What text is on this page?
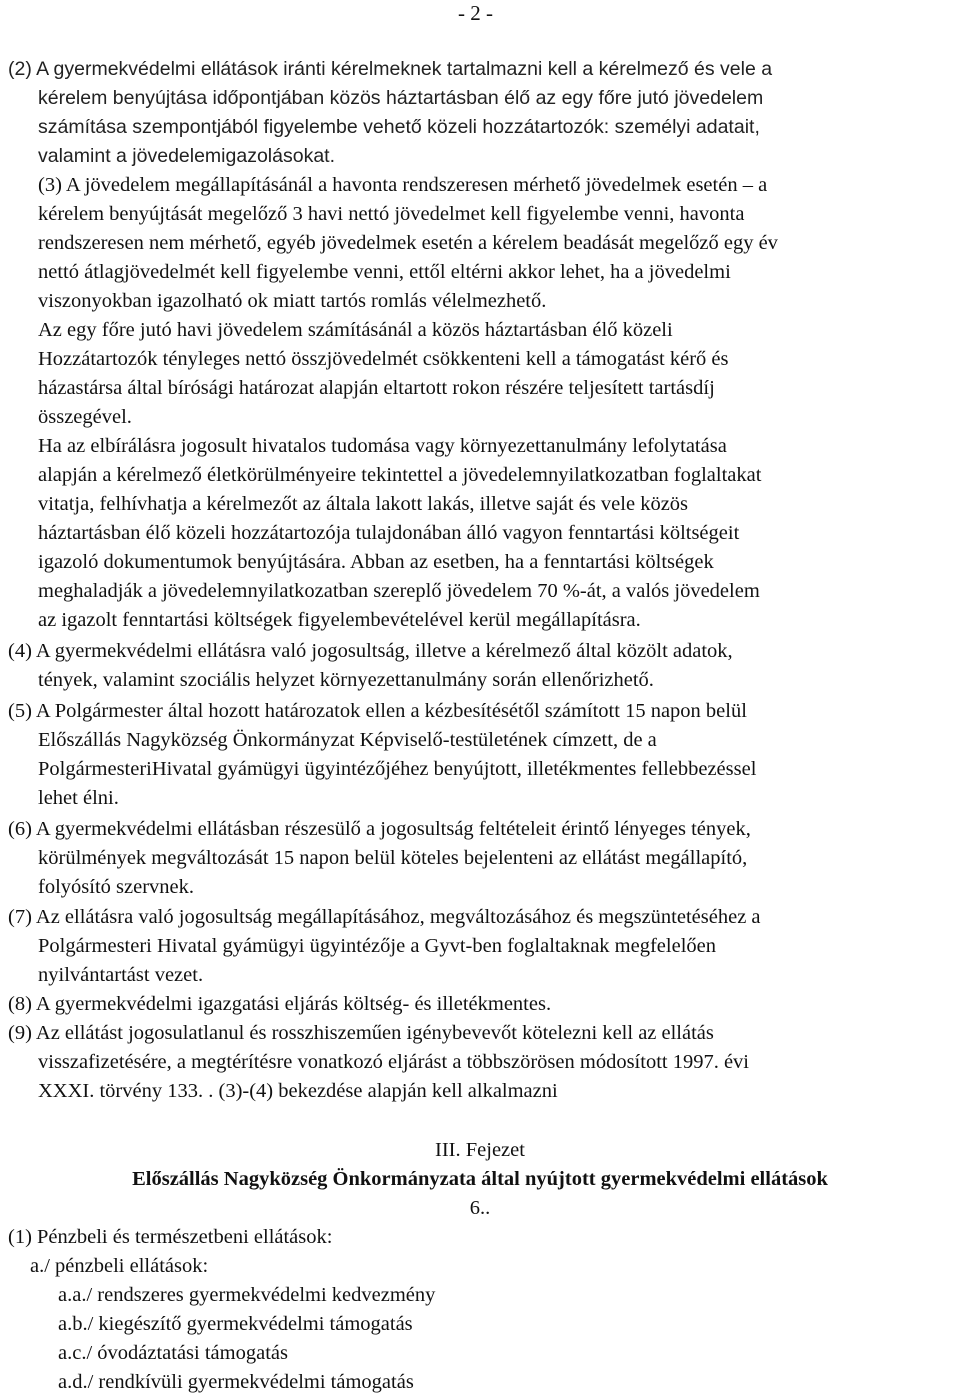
- 2 -
(2) A gyermekvédelmi ellátások iránti kérelmeknek tartalmazni kell a kérelmező és vele a
kérelem benyújtása időpontjában közös háztartásban élő az egy főre jutó jövedelem
számítása szempontjából figyelembe vehető közeli hozzátartozók: személyi adatait,
valamint a jövedelemigazolásokat.
(3) A jövedelem megállapításánál a havonta rendszeresen mérhető jövedelmek esetén – a
kérelem benyújtását megelőző 3 havi nettó jövedelmet kell figyelembe venni, havonta
rendszeresen nem mérhető, egyéb jövedelmek esetén a kérelem beadását megelőző egy év
nettó átlagjövedelmét kell figyelembe venni, ettől eltérni akkor lehet, ha a jövedelmi
viszonyokban igazolható ok miatt tartós romlás vélelmezhető.
Az egy főre jutó havi jövedelem számításánál a közös háztartásban élő közeli
Hozzátartozók tényleges nettó összjövedelmét csökkenteni kell a támogatást kérő és
házastársa által bírósági határozat alapján eltartott rokon részére teljesített tartásdíj
összegével.
Ha az elbírálásra jogosult hivatalos tudomása vagy környezettanulmány lefolytatása
alapján a kérelmező életkörülményeire tekintettel a jövedelemnyilatkozatban foglaltakat
vitatja, felhívhatja a kérelmezőt az általa lakott lakás, illetve saját és vele közös
háztartásban élő közeli hozzátartozója tulajdonában álló vagyon fenntartási költségeit
igazoló dokumentumok benyújtására. Abban az esetben, ha a fenntartási költségek
meghaladják a jövedelemnyilatkozatban szereplő jövedelem 70 %-át, a valós jövedelem
az igazolt fenntartási költségek figyelembevételével kerül megállapításra.
(4) A gyermekvédelmi ellátásra való jogosultság, illetve a kérelmező által közölt adatok,
tények, valamint szociális helyzet környezettanulmány során ellenőrizhető.
(5) A Polgármester által hozott határozatok ellen a kézbesítésétől számított 15 napon belül
Előszállás Nagyközség Önkormányzat Képviselő-testületének címzett, de a
PolgármesteriHivatal gyámügyi ügyintézőjéhez benyújtott, illetékmentes fellebbezéssel
lehet élni.
(6) A gyermekvédelmi ellátásban részesülő a jogosultság feltételeit érintő lényeges tények,
körülmények megváltozását 15 napon belül köteles bejelenteni az ellátást megállapító,
folyósító szervnek.
(7) Az ellátásra való jogosultság megállapításához, megváltozásához és megszüntetéséhez a
Polgármesteri Hivatal gyámügyi ügyintézője a Gyvt-ben foglaltaknak megfelelően
nyilvántartást vezet.
(8) A gyermekvédelmi igazgatási eljárás költség- és illetékmentes.
(9) Az ellátást jogosulatlanul és rosszhiszeműen igénybevevőt kötelezni kell az ellátás
visszafizetésére, a megtérítésre vonatkozó eljárást a többszörösen módosított 1997. évi
XXXI. törvény 133. . (3)-(4) bekezdése alapján kell alkalmazni
III. Fejezet
Előszállás Nagyközség Önkormányzata által nyújtott gyermekvédelmi ellátások
6..
(1) Pénzbeli és természetbeni ellátások:
a./ pénzbeli ellátások:
a.a./ rendszeres gyermekvédelmi kedvezmény
a.b./ kiegészítő gyermekvédelmi támogatás
a.c./ óvodáztatási támogatás
a.d./ rendkívüli gyermekvédelmi támogatás
